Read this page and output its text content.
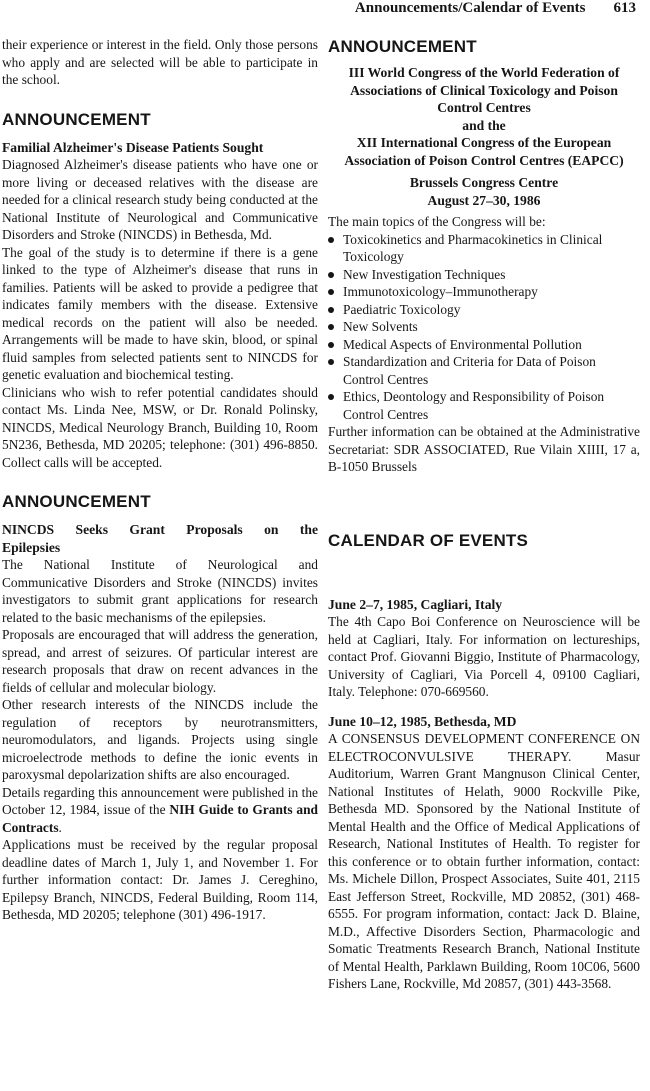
Announcements/Calendar of Events 613

their experience or interest in the field. Only those persons who apply and are selected will be able to participate in the school.

ANNOUNCEMENT

Familial Alzheimer's Disease Patients Sought

Diagnosed Alzheimer's disease patients who have one or more living or deceased relatives with the disease are needed for a clinical research study being conducted at the National Institute of Neurological and Communicative Disorders and Stroke (NINCDS) in Bethesda, Md.

The goal of the study is to determine if there is a gene linked to the type of Alzheimer's disease that runs in families. Patients will be asked to provide a pedigree that indicates family members with the disease. Extensive medical records on the patient will also be needed. Arrangements will be made to have skin, blood, or spinal fluid samples from selected patients sent to NINCDS for genetic evaluation and biochemical testing.

Clinicians who wish to refer potential candidates should contact Ms. Linda Nee, MSW, or Dr. Ronald Polinsky, NINCDS, Medical Neurology Branch, Building 10, Room 5N236, Bethesda, MD 20205; telephone: (301) 496-8850. Collect calls will be accepted.

ANNOUNCEMENT

NINCDS Seeks Grant Proposals on the Epilepsies

The National Institute of Neurological and Communicative Disorders and Stroke (NINCDS) invites investigators to submit grant applications for research related to the basic mechanisms of the epilepsies.

Proposals are encouraged that will address the generation, spread, and arrest of seizures. Of particular interest are research proposals that draw on recent advances in the fields of cellular and molecular biology.

Other research interests of the NINCDS include the regulation of receptors by neurotransmitters, neuromodulators, and ligands. Projects using single microelectrode methods to define the ionic events in paroxysmal depolarization shifts are also encouraged.

Details regarding this announcement were published in the October 12, 1984, issue of the NIH Guide to Grants and Contracts.

Applications must be received by the regular proposal deadline dates of March 1, July 1, and November 1. For further information contact: Dr. James J. Cereghino, Epilepsy Branch, NINCDS, Federal Building, Room 114, Bethesda, MD 20205; telephone (301) 496-1917.

ANNOUNCEMENT

III World Congress of the World Federation of Associations of Clinical Toxicology and Poison Control Centres

and the

XII International Congress of the European Association of Poison Control Centres (EAPCC)

Brussels Congress Centre

August 27–30, 1986

The main topics of the Congress will be:

Toxicokinetics and Pharmacokinetics in Clinical Toxicology
New Investigation Techniques
Immunotoxicology–Immunotherapy
Paediatric Toxicology
New Solvents
Medical Aspects of Environmental Pollution
Standardization and Criteria for Data of Poison Control Centres
Ethics, Deontology and Responsibility of Poison Control Centres

Further information can be obtained at the Administrative Secretariat: SDR ASSOCIATED, Rue Vilain XIIII, 17 a, B-1050 Brussels

CALENDAR OF EVENTS

June 2–7, 1985, Cagliari, Italy

The 4th Capo Boi Conference on Neuroscience will be held at Cagliari, Italy. For information on lectureships, contact Prof. Giovanni Biggio, Institute of Pharmacology, University of Cagliari, Via Porcell 4, 09100 Cagliari, Italy. Telephone: 070-669560.

June 10–12, 1985, Bethesda, MD

A CONSENSUS DEVELOPMENT CONFERENCE ON ELECTROCONVULSIVE THERAPY. Masur Auditorium, Warren Grant Mangnuson Clinical Center, National Institutes of Helath, 9000 Rockville Pike, Bethesda MD. Sponsored by the National Institute of Mental Health and the Office of Medical Applications of Research, National Institutes of Health. To register for this conference or to obtain further information, contact: Ms. Michele Dillon, Prospect Associates, Suite 401, 2115 East Jefferson Street, Rockville, MD 20852, (301) 468-6555. For program information, contact: Jack D. Blaine, M.D., Affective Disorders Section, Pharmacologic and Somatic Treatments Research Branch, National Institute of Mental Health, Parklawn Building, Room 10C06, 5600 Fishers Lane, Rockville, Md 20857, (301) 443-3568.
